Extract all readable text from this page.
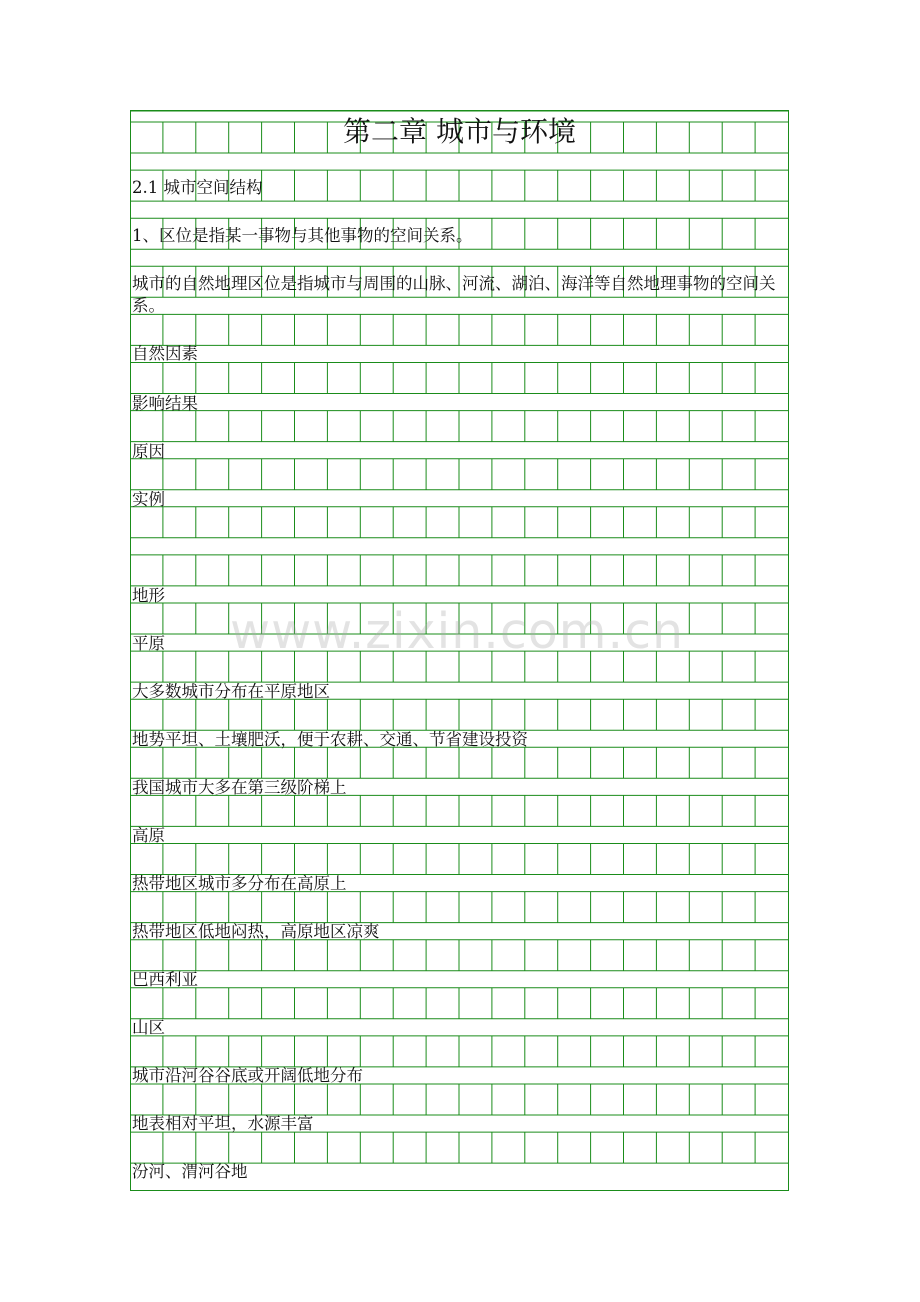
第二章 城市与环境
2.1 城市空间结构
1、区位是指某一事物与其他事物的空间关系。
城市的自然地理区位是指城市与周围的山脉、河流、湖泊、海洋等自然地理事物的空间关系。
自然因素
影响结果
原因
实例
地形
平原
大多数城市分布在平原地区
地势平坦、土壤肥沃，便于农耕、交通、节省建设投资
我国城市大多在第三级阶梯上
高原
热带地区城市多分布在高原上
热带地区低地闷热，高原地区凉爽
巴西利亚
山区
城市沿河谷谷底或开阔低地分布
地表相对平坦，水源丰富
汾河、渭河谷地
www.zixin.com.cn
